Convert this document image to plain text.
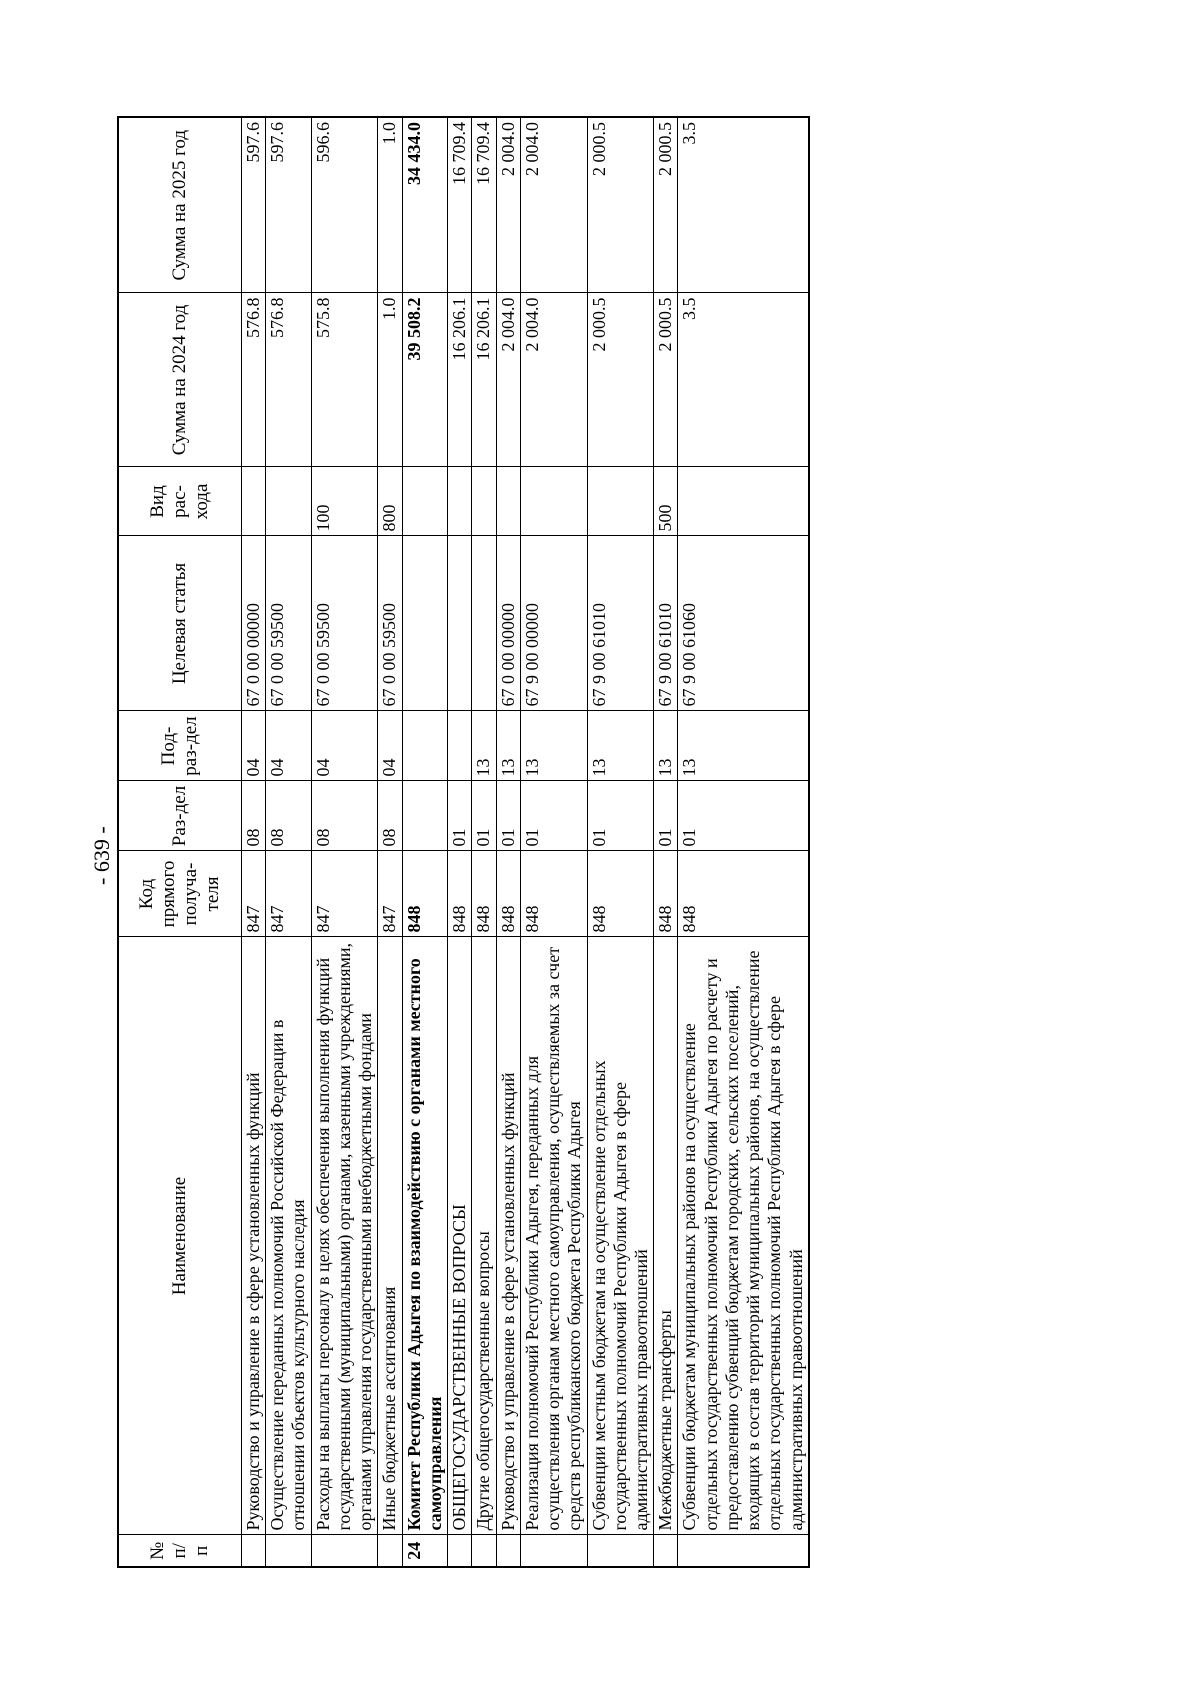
- 639 -
№ п/п	Наименование	Код прямого получа-теля	Раз-дел	Под-раз-дел	Целевая статья	Вид рас-хода	Сумма на 2024 год	Сумма на 2025 год
	Руководство и управление в сфере установленных функций	847	08	04	67 0 00 00000		576.8	597.6
	Осуществление переданных полномочий Российской Федерации в отношении объектов культурного наследия	847	08	04	67 0 00 59500		576.8	597.6
	Расходы на выплаты персоналу в целях обеспечения выполнения функций государственными (муниципальными) органами, казенными учреждениями, органами управления государственными внебюджетными фондами	847	08	04	67 0 00 59500	100	575.8	596.6
	Иные бюджетные ассигнования	847	08	04	67 0 00 59500	800	1.0	1.0
24	Комитет Республики Адыгея по взаимодействию с органами местного самоуправления	848					39 508.2	34 434.0
	ОБЩЕГОСУДАРСТВЕННЫЕ ВОПРОСЫ	848	01				16 206.1	16 709.4
	Другие общегосударственные вопросы	848	01	13			16 206.1	16 709.4
	Руководство и управление в сфере установленных функций	848	01	13	67 0 00 00000		2 004.0	2 004.0
	Реализация полномочий Республики Адыгея, переданных для осуществления органам местного самоуправления, осуществляемых за счет средств республиканского бюджета Республики Адыгея	848	01	13	67 9 00 00000		2 004.0	2 004.0
	Субвенции местным бюджетам на осуществление отдельных государственных полномочий Республики Адыгея в сфере административных правоотношений	848	01	13	67 9 00 61010		2 000.5	2 000.5
	Межбюджетные трансферты	848	01	13	67 9 00 61010	500	2 000.5	2 000.5
	Субвенции бюджетам муниципальных районов на осуществление отдельных государственных полномочий Республики Адыгея по расчету и предоставлению субвенций бюджетам городских, сельских поселений, входящих в состав территорий муниципальных районов, на осуществление отдельных государственных полномочий Республики Адыгея в сфере административных правоотношений	848	01	13	67 9 00 61060		3.5	3.5
